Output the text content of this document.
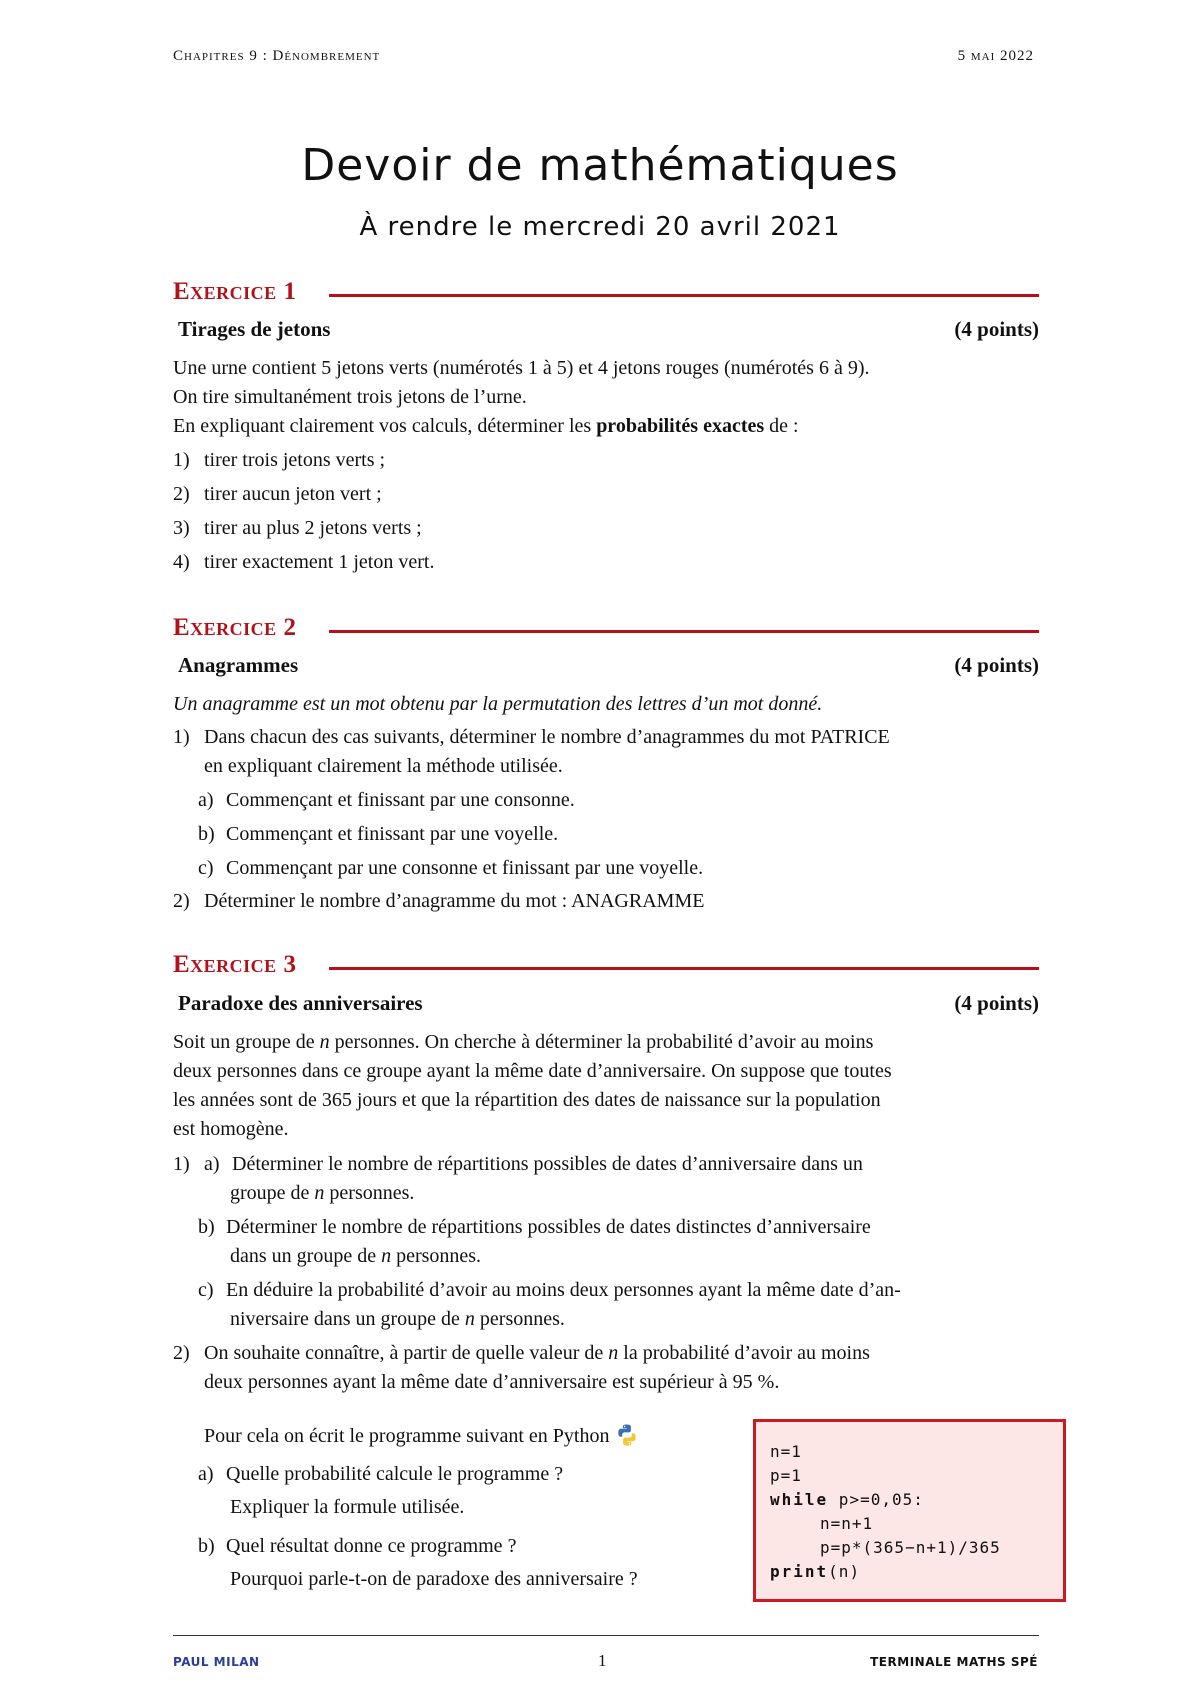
Chapitres 9 : Dénombrement	5 mai 2022
Devoir de mathématiques
À rendre le mercredi 20 avril 2021
Exercice 1
Tirages de jetons	(4 points)
Une urne contient 5 jetons verts (numérotés 1 à 5) et 4 jetons rouges (numérotés 6 à 9).
On tire simultanément trois jetons de l’urne.
En expliquant clairement vos calculs, déterminer les probabilités exactes de :
1) tirer trois jetons verts ;
2) tirer aucun jeton vert ;
3) tirer au plus 2 jetons verts ;
4) tirer exactement 1 jeton vert.
Exercice 2
Anagrammes	(4 points)
Un anagramme est un mot obtenu par la permutation des lettres d’un mot donné.
1) Dans chacun des cas suivants, déterminer le nombre d’anagrammes du mot PATRICE
en expliquant clairement la méthode utilisée.
a) Commençant et finissant par une consonne.
b) Commençant et finissant par une voyelle.
c) Commençant par une consonne et finissant par une voyelle.
2) Déterminer le nombre d’anagramme du mot : ANAGRAMME
Exercice 3
Paradoxe des anniversaires	(4 points)
Soit un groupe de n personnes. On cherche à déterminer la probabilité d’avoir au moins
deux personnes dans ce groupe ayant la même date d’anniversaire. On suppose que toutes
les années sont de 365 jours et que la répartition des dates de naissance sur la population
est homogène.
1) a) Déterminer le nombre de répartitions possibles de dates d’anniversaire dans un
groupe de n personnes.
b) Déterminer le nombre de répartitions possibles de dates distinctes d’anniversaire
dans un groupe de n personnes.
c) En déduire la probabilité d’avoir au moins deux personnes ayant la même date d’an-
niversaire dans un groupe de n personnes.
2) On souhaite connaître, à partir de quelle valeur de n la probabilité d’avoir au moins
deux personnes ayant la même date d’anniversaire est supérieur à 95 %.
Pour cela on écrit le programme suivant en Python
a) Quelle probabilité calcule le programme ?
Expliquer la formule utilisée.
b) Quel résultat donne ce programme ?
Pourquoi parle-t-on de paradoxe des anniversaire ?
n=1
p=1
while p>=0,05:
n=n+1
p=p*(365−n+1)/365
print(n)
PAUL MILAN	1	TERMINALE MATHS SPÉ
